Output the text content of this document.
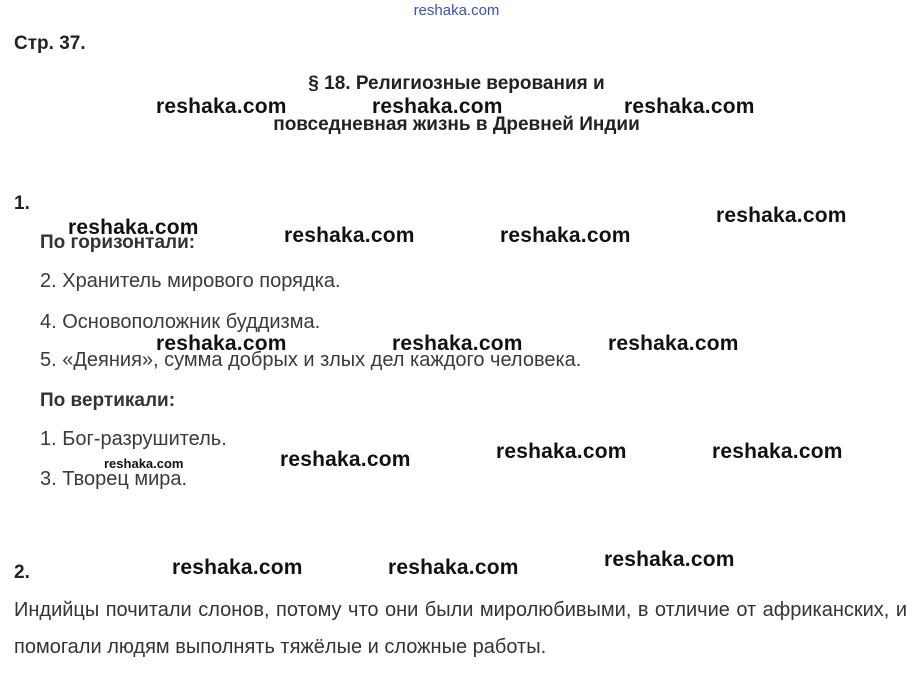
reshaka.com
Стр. 37.
§ 18. Религиозные верования и
повседневная жизнь в Древней Индии
1.
По горизонтали:
2. Хранитель мирового порядка.
4. Основоположник буддизма.
5. «Деяния», сумма добрых и злых дел каждого человека.
По вертикали:
1. Бог-разрушитель.
3. Творец мира.
2.
Индийцы почитали слонов, потому что они были миролюбивыми, в отличие от африканских, и помогали людям выполнять тяжёлые и сложные работы.
reshaka.com	reshaka.com	reshaka.com
reshaka.com	reshaka.com	reshaka.com
reshaka.com
reshaka.com	reshaka.com	reshaka.com
reshaka.com	reshaka.com	reshaka.com	reshaka.com
reshaka.com	reshaka.com	reshaka.com
